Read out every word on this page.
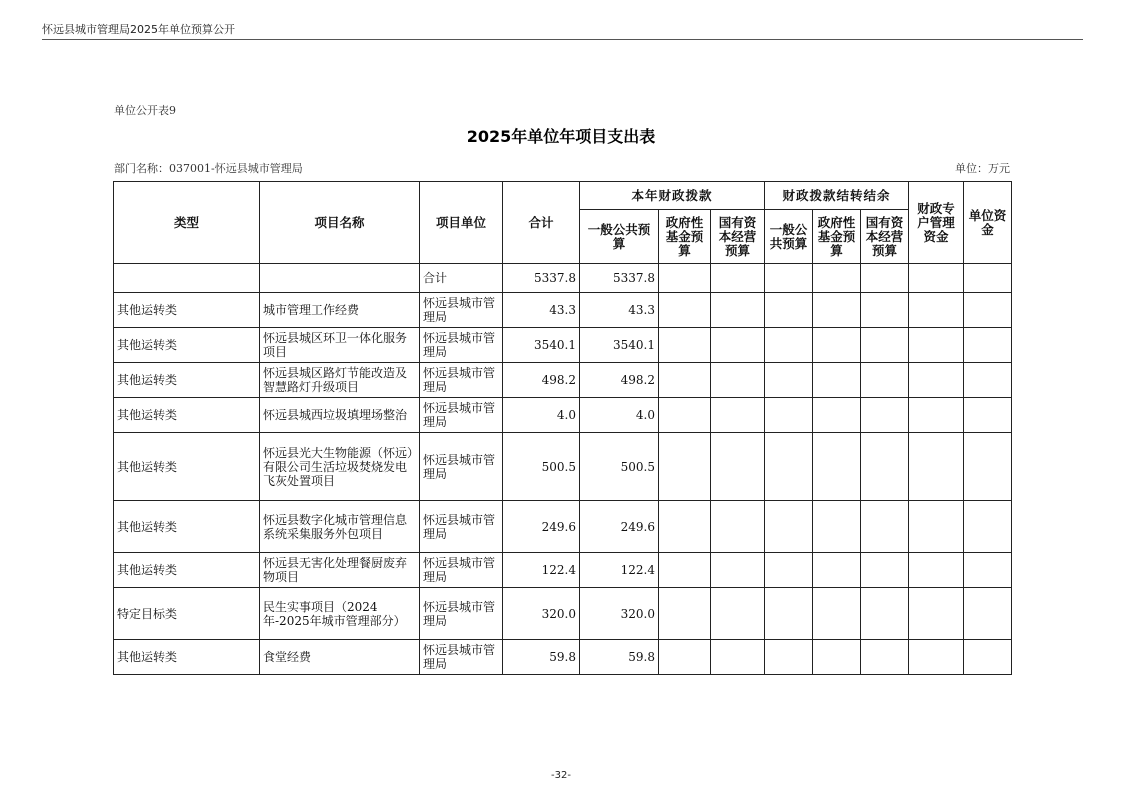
怀远县城市管理局2025年单位预算公开
单位公开表9
2025年单位年项目支出表
部门名称：037001-怀远县城市管理局	单位：万元
类型	项目名称	项目单位	合计	本年财政拨款			财政拨款结转结余			财政专户管理资金	单位资金
				一般公共预算	政府性基金预算	国有资本经营预算	一般公共预算	政府性基金预算	国有资本经营预算		
		合计	5337.8	5337.8							
其他运转类	城市管理工作经费	怀远县城市管理局	43.3	43.3							
其他运转类	怀远县城区环卫一体化服务项目	怀远县城市管理局	3540.1	3540.1							
其他运转类	怀远县城区路灯节能改造及智慧路灯升级项目	怀远县城市管理局	498.2	498.2							
其他运转类	怀远县城西垃圾填埋场整治	怀远县城市管理局	4.0	4.0							
其他运转类	怀远县光大生物能源（怀远）有限公司生活垃圾焚烧发电飞灰处置项目	怀远县城市管理局	500.5	500.5							
其他运转类	怀远县数字化城市管理信息系统采集服务外包项目	怀远县城市管理局	249.6	249.6							
其他运转类	怀远县无害化处理餐厨废弃物项目	怀远县城市管理局	122.4	122.4							
特定目标类	民生实事项目（2024年-2025年城市管理部分）	怀远县城市管理局	320.0	320.0							
其他运转类	食堂经费	怀远县城市管理局	59.8	59.8							
-32-
